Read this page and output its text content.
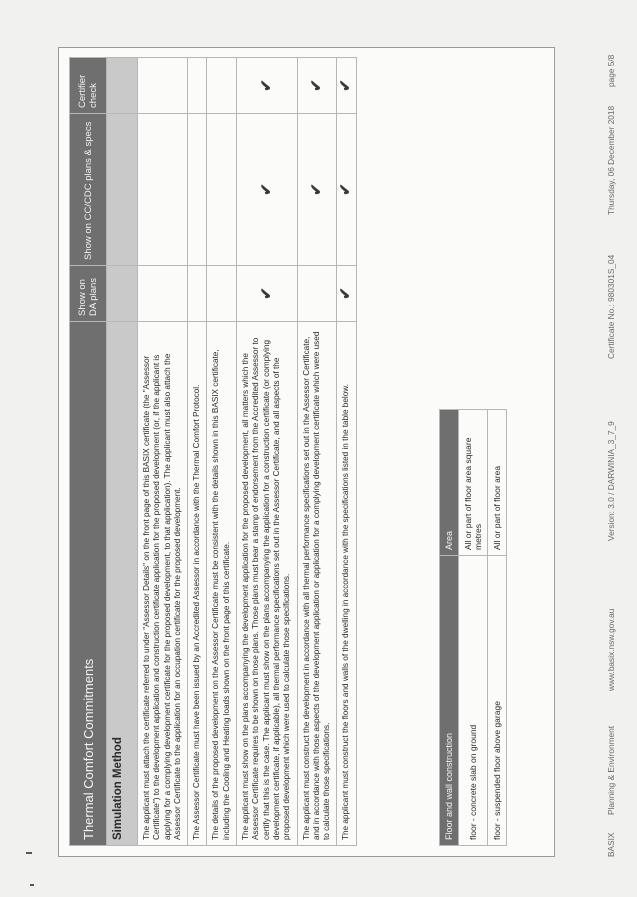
Thermal Comfort Commitments	Show on DA plans	Show on CC/CDC plans & specs	Certifier check
Simulation Method			
The applicant must attach the certificate referred to under "Assessor Details" on the front page of this BASIX certificate (the "Assessor Certificate") to the development application and construction certificate application for the proposed development (or, if the applicant is applying for a complying development certificate for the proposed development, to that application). The applicant must also attach the Assessor Certificate to the application for an occupation certificate for the proposed development.			
The Assessor Certificate must have been issued by an Accredited Assessor in accordance with the Thermal Comfort Protocol.			
The details of the proposed development on the Assessor Certificate must be consistent with the details shown in this BASIX certificate, including the Cooling and Heating loads shown on the front page of this certificate.			
The applicant must show on the plans accompanying the development application for the proposed development, all matters which the Assessor Certificate requires to be shown on those plans. Those plans must bear a stamp of endorsement from the Accredited Assessor to certify that this is the case. The applicant must show on the plans accompanying the application for a construction certificate (or complying development certificate, if applicable), all thermal performance specifications set out in the Assessor Certificate, and all aspects of the proposed development which were used to calculate those specifications.	✔	✔	✔
The applicant must construct the development in accordance with all thermal performance specifications set out in the Assessor Certificate, and in accordance with those aspects of the development application or application for a complying development certificate which were used to calculate those specifications.		✔	✔
The applicant must construct the floors and walls of the dwelling in accordance with the specifications listed in the table below.	✔	✔	✔
Floor and wall construction	Area
floor - concrete slab on ground	All or part of floor area square metres
floor - suspended floor above garage	All or part of floor area
BASIX
Planning & Environment
www.basix.nsw.gov.au
Version: 3.0 / DARWINIA_3_7_9
Certificate No.: 980301S_04
Thursday, 06 December 2018
page 5/8
